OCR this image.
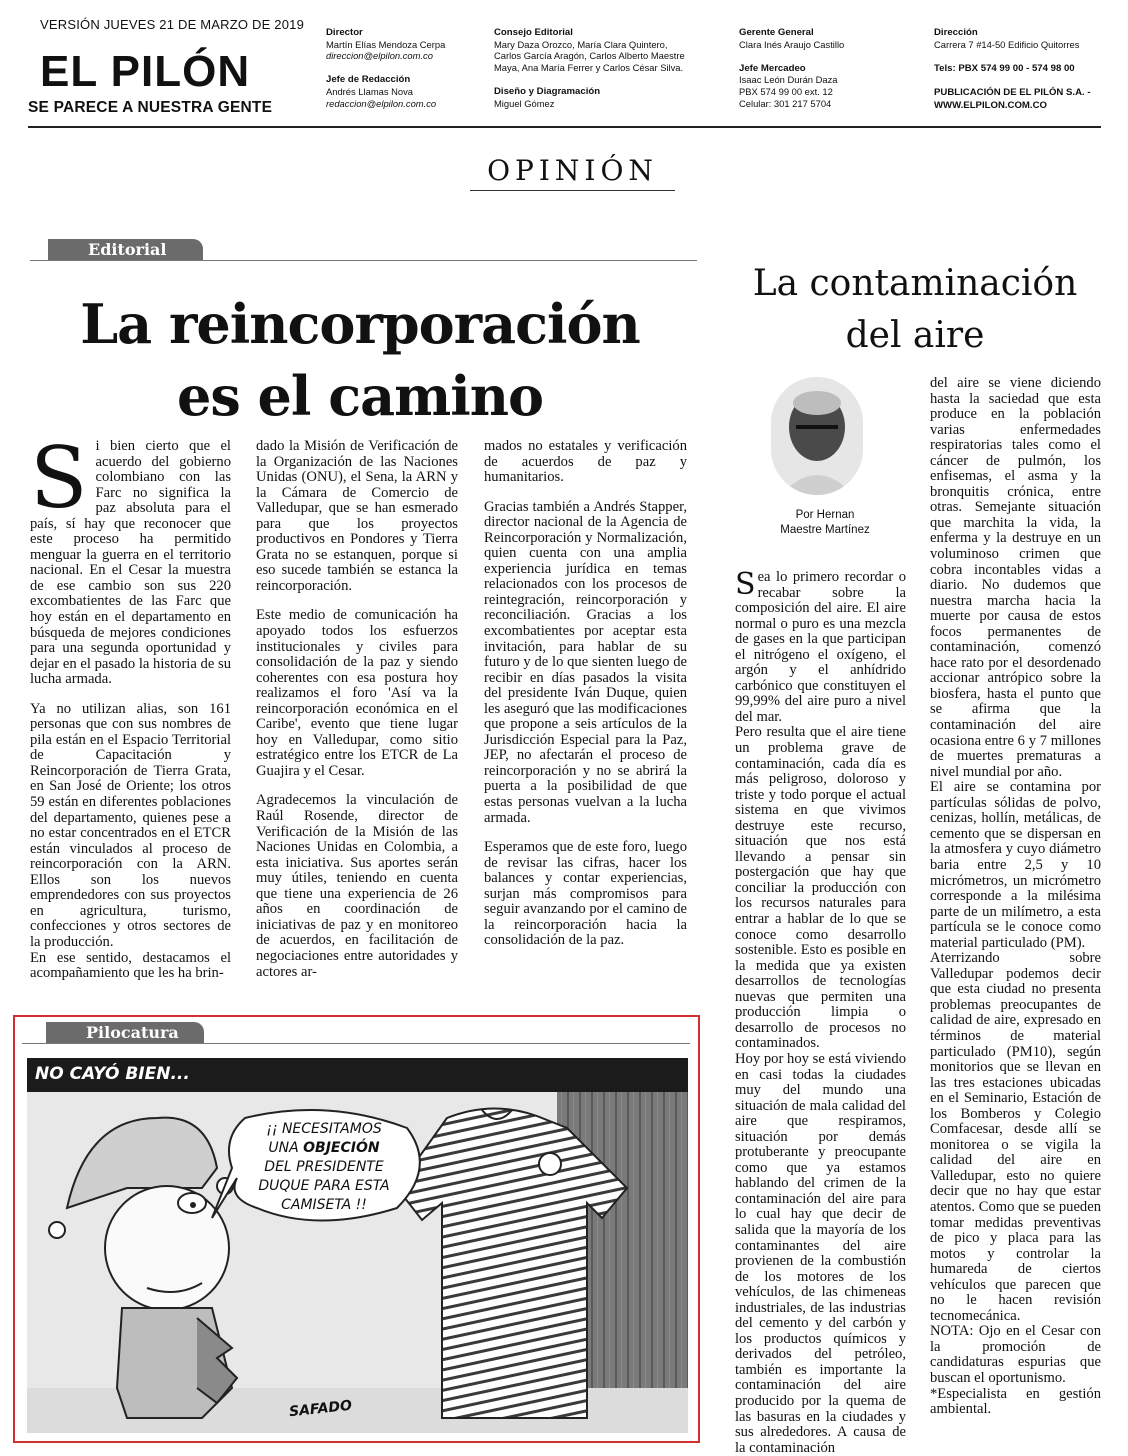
VERSIÓN JUEVES 21 DE MARZO DE 2019
EL PILÓN
SE PARECE A NUESTRA GENTE
Director
Martín Elías Mendoza Cerpa
direccion@elpilon.com.co

Jefe de Redacción
Andrés Llamas Nova
redaccion@elpilon.com.co
Consejo Editorial
Mary Daza Orozco, María Clara Quintero,
Carlos García Aragón, Carlos Alberto Maestre
Maya, Ana María Ferrer y Carlos César Silva.

Diseño y Diagramación
Miguel Gómez
Gerente General
Clara Inés Araujo Castillo

Jefe Mercadeo
Isaac León Durán Daza
PBX 574 99 00 ext. 12
Celular: 301 217 5704
Dirección
Carrera 7 #14-50 Edificio Quitorres

Tels: PBX 574 99 00 - 574 98 00

PUBLICACIÓN DE EL PILÓN S.A. -
WWW.ELPILON.COM.CO
OPINIÓN
Editorial
La reincorporación
es el camino

Si bien cierto que el acuerdo del gobierno colombiano con las Farc no significa la paz absoluta para el país, sí hay que reconocer que este proceso ha permitido menguar la guerra en el territorio nacional. En el Cesar la muestra de ese cambio son sus 220 excombatientes de las Farc que hoy están en el departamento en búsqueda de mejores condiciones para una segunda oportunidad y dejar en el pasado la historia de su lucha armada.

Ya no utilizan alias, son 161 personas que con sus nombres de pila están en el Espacio Territorial de Capacitación y Reincorporación de Tierra Grata, en San José de Oriente; los otros 59 están en diferentes poblaciones del departamento, quienes pese a no estar concentrados en el ETCR están vinculados al proceso de reincorporación con la ARN. Ellos son los nuevos emprendedores con sus proyectos en agricultura, turismo, confecciones y otros sectores de la producción.

En ese sentido, destacamos el acompañamiento que les ha brin-

dado la Misión de Verificación de la Organización de las Naciones Unidas (ONU), el Sena, la ARN y la Cámara de Comercio de Valledupar, que se han esmerado para que los proyectos productivos en Pondores y Tierra Grata no se estanquen, porque si eso sucede también se estanca la reincorporación.

Este medio de comunicación ha apoyado todos los esfuerzos institucionales y civiles para consolidación de la paz y siendo coherentes con esa postura hoy realizamos el foro 'Así va la reincorporación económica en el Caribe', evento que tiene lugar hoy en Valledupar, como sitio estratégico entre los ETCR de La Guajira y el Cesar.

Agradecemos la vinculación de Raúl Rosende, director de Verificación de la Misión de las Naciones Unidas en Colombia, a esta iniciativa. Sus aportes serán muy útiles, teniendo en cuenta que tiene una experiencia de 26 años en coordinación de iniciativas de paz y en monitoreo de acuerdos, en facilitación de negociaciones entre autoridades y actores ar-

mados no estatales y verificación de acuerdos de paz y humanitarios.

Gracias también a Andrés Stapper, director nacional de la Agencia de Reincorporación y Normalización, quien cuenta con una amplia experiencia jurídica en temas relacionados con los procesos de reintegración, reincorporación y reconciliación. Gracias a los excombatientes por aceptar esta invitación, para hablar de su futuro y de lo que sienten luego de recibir en días pasados la visita del presidente Iván Duque, quien les aseguró que las modificaciones que propone a seis artículos de la Jurisdicción Especial para la Paz, JEP, no afectarán el proceso de reincorporación y no se abrirá la puerta a la posibilidad de que estas personas vuelvan a la lucha armada.

Esperamos que de este foro, luego de revisar las cifras, hacer los balances y contar experiencias, surjan más compromisos para seguir avanzando por el camino de la reincorporación hacia la consolidación de la paz.

Pilocatura
NO CAYÓ BIEN...
¡¡ NECESITAMOS
UNA OBJECIÓN
DEL PRESIDENTE
DUQUE PARA ESTA
CAMISETA !!
SAFADO
La contaminación
del aire
Por Hernan
Maestre Martínez

Sea lo primero recordar o recabar sobre la composición del aire. El aire normal o puro es una mezcla de gases en la que participan el nitrógeno el oxígeno, el argón y el anhídrido carbónico que constituyen el 99,99% del aire puro a nivel del mar.

Pero resulta que el aire tiene un problema grave de contaminación, cada día es más peligroso, doloroso y triste y todo porque el actual sistema en que vivimos destruye este recurso, situación que nos está llevando a pensar sin postergación que hay que conciliar la producción con los recursos naturales para entrar a hablar de lo que se conoce como desarrollo sostenible. Esto es posible en la medida que ya existen desarrollos de tecnologías nuevas que permiten una producción limpia o desarrollo de procesos no contaminados.

Hoy por hoy se está viviendo en casi todas la ciudades muy del mundo una situación de mala calidad del aire que respiramos, situación por demás protuberante y preocupante como que ya estamos hablando del crimen de la contaminación del aire para lo cual hay que decir de salida que la mayoría de los contaminantes del aire provienen de la combustión de los motores de los vehículos, de las chimeneas industriales, de las industrias del cemento y del carbón y los productos químicos y derivados del petróleo, también es importante la contaminación del aire producido por la quema de las basuras en la ciudades y sus alrededores. A causa de la contaminación

del aire se viene diciendo hasta la saciedad que esta produce en la población varias enfermedades respiratorias tales como el cáncer de pulmón, los enfisemas, el asma y la bronquitis crónica, entre otras. Semejante situación que marchita la vida, la enferma y la destruye en un voluminoso crimen que cobra incontables vidas a diario. No dudemos que nuestra marcha hacia la muerte por causa de estos focos permanentes de contaminación, comenzó hace rato por el desordenado accionar antrópico sobre la biosfera, hasta el punto que se afirma que la contaminación del aire ocasiona entre 6 y 7 millones de muertes prematuras a nivel mundial por año.

El aire se contamina por partículas sólidas de polvo, cenizas, hollín, metálicas, de cemento que se dispersan en la atmosfera y cuyo diámetro baria entre 2,5 y 10 micrómetros, un micrómetro corresponde a la milésima parte de un milímetro, a esta partícula se le conoce como material particulado (PM).

Aterrizando sobre Valledupar podemos decir que esta ciudad no presenta problemas preocupantes de calidad de aire, expresado en términos de material particulado (PM10), según monitorios que se llevan en las tres estaciones ubicadas en el Seminario, Estación de los Bomberos y Colegio Comfacesar, desde allí se monitorea o se vigila la calidad del aire en Valledupar, esto no quiere decir que no hay que estar atentos. Como que se pueden tomar medidas preventivas de pico y placa para las motos y controlar la humareda de ciertos vehículos que parecen que no le hacen revisión tecnomecánica.

NOTA: Ojo en el Cesar con la promoción de candidaturas espurias que buscan el oportunismo.

*Especialista en gestión ambiental.
